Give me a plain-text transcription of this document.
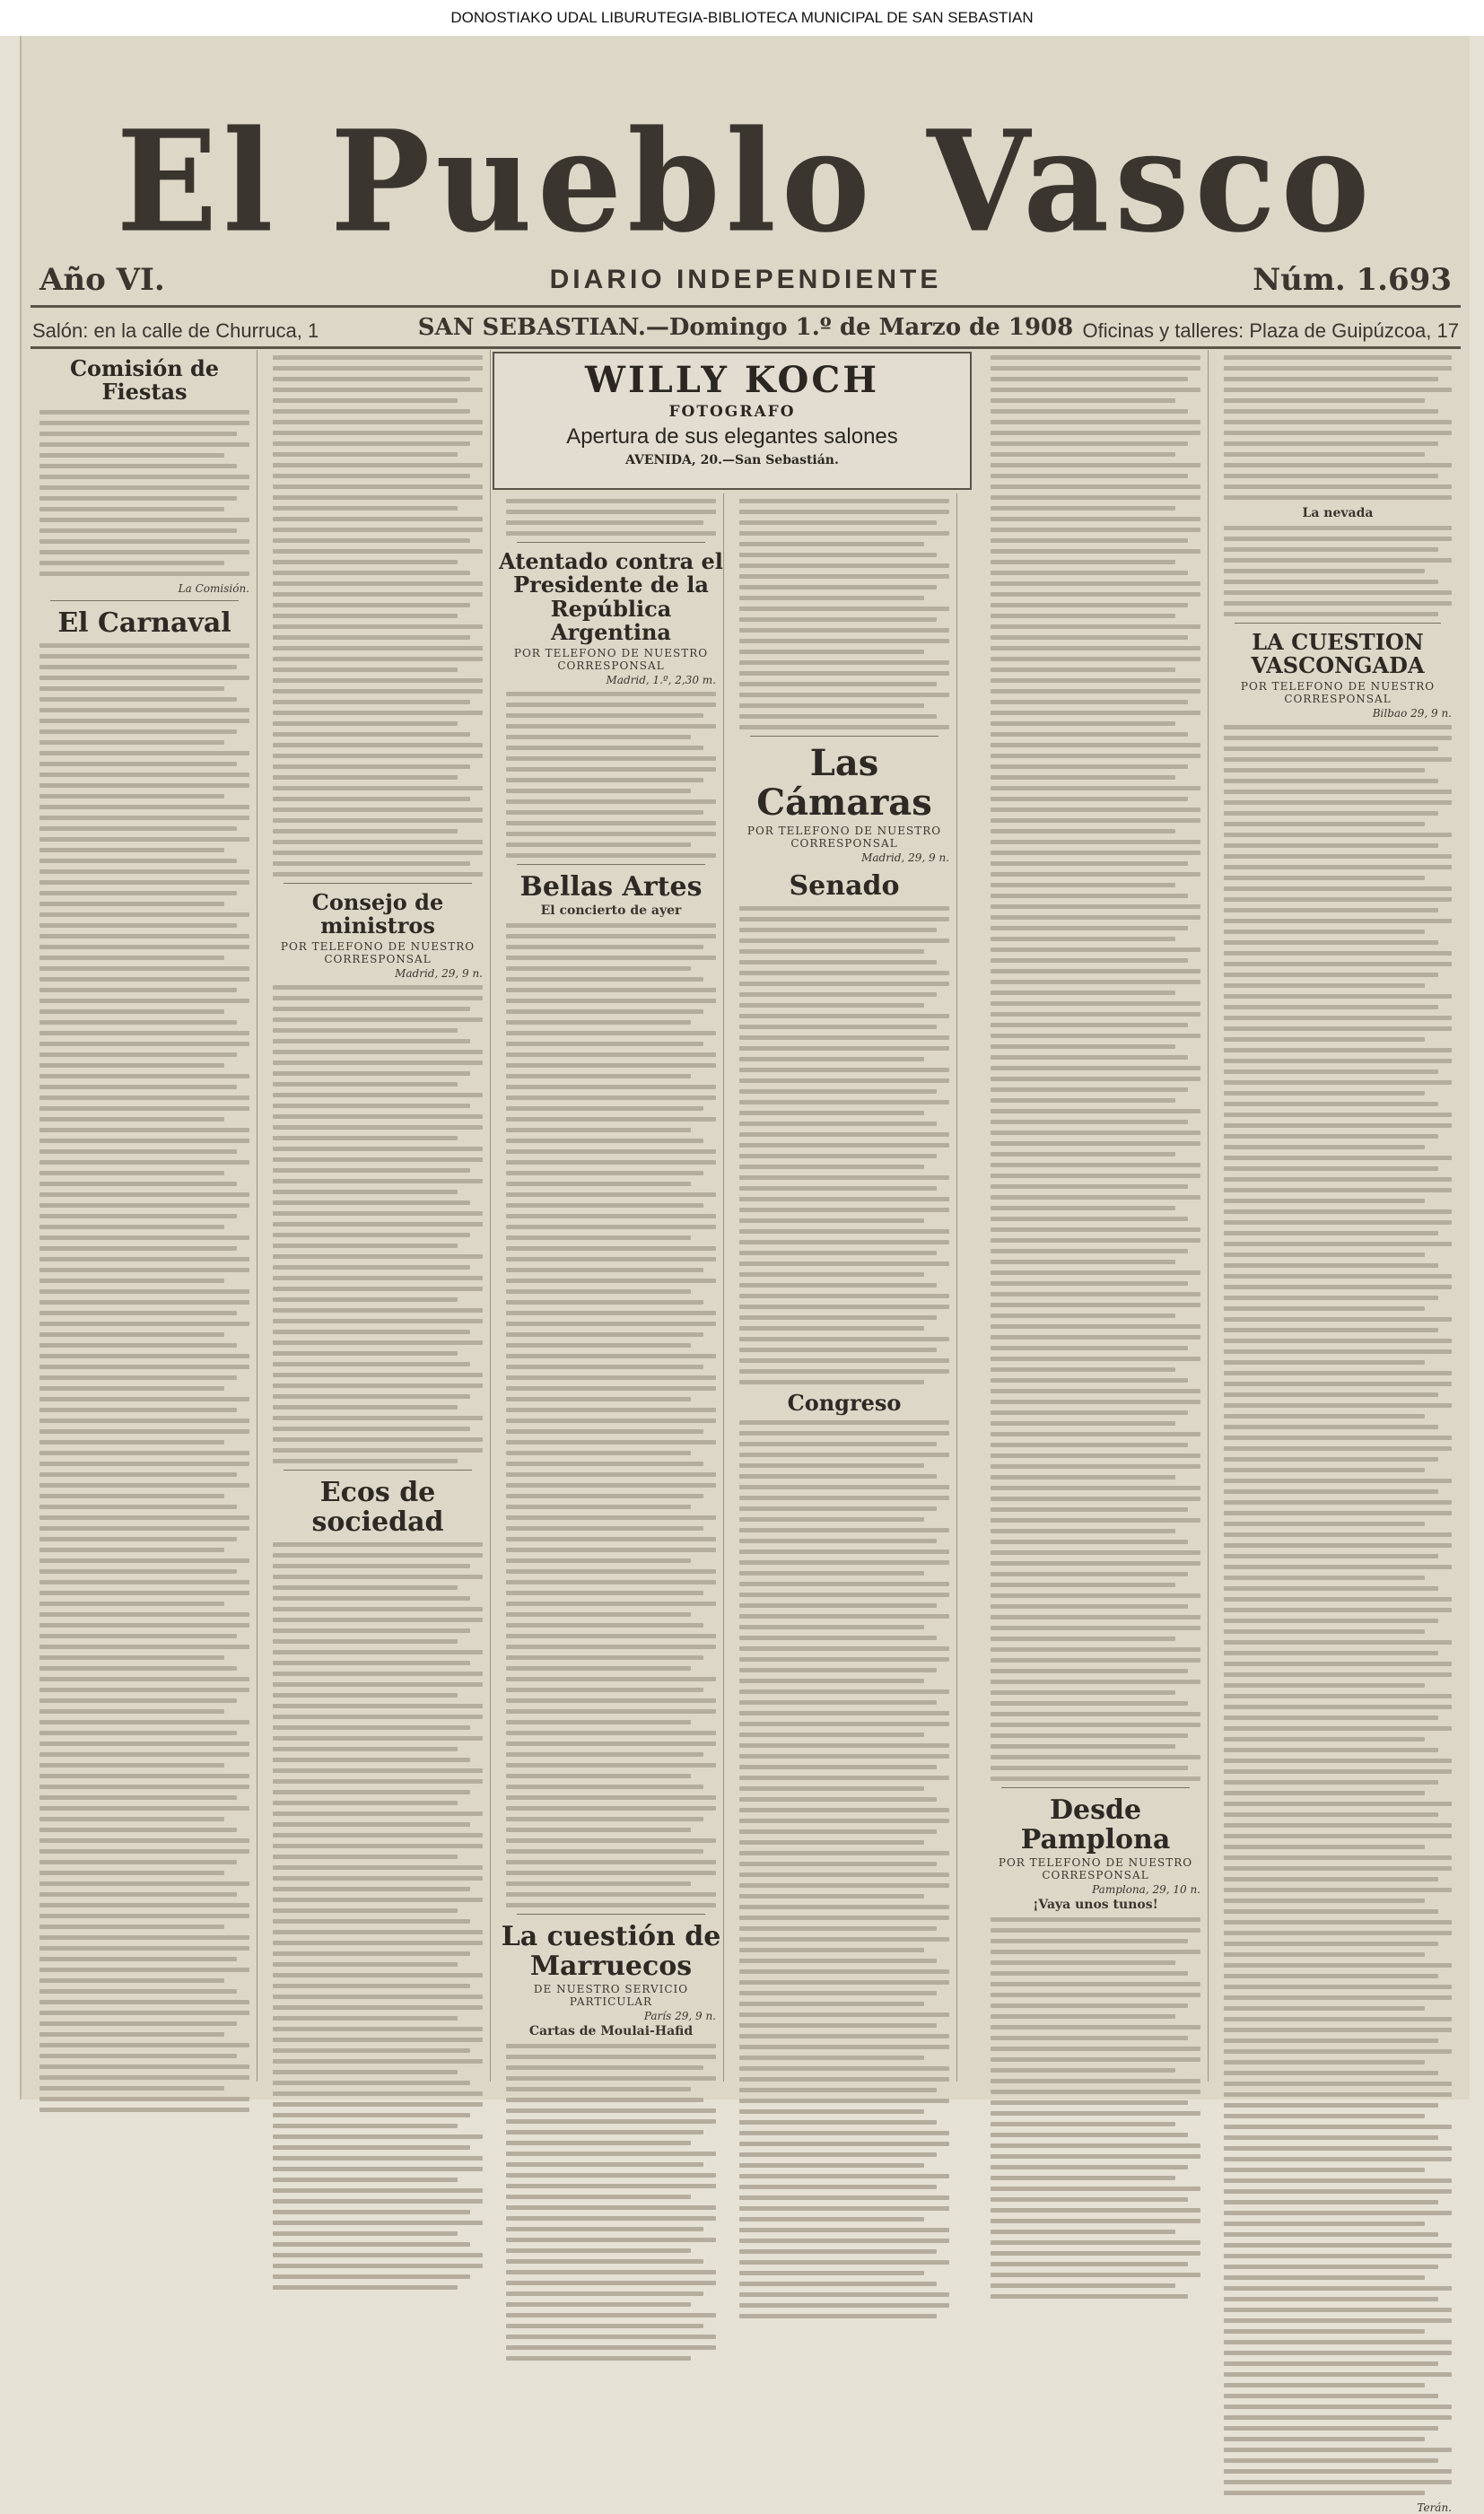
DONOSTIAKO UDAL LIBURUTEGIA-BIBLIOTECA MUNICIPAL DE SAN SEBASTIAN
El Pueblo Vasco
Año VI.	DIARIO INDEPENDIENTE	Núm. 1.693
Salón: en la calle de Churruca, 1	SAN SEBASTIAN.—Domingo 1.º de Marzo de 1908 Oficinas y talleres: Plaza de Guipúzcoa, 17
Comisión de Fiestas
La Comisión.
El Carnaval
Consejo de ministros
POR TELEFONO DE NUESTRO CORRESPONSAL
Madrid, 29, 9 n.
Ecos de sociedad
WILLY KOCH
FOTOGRAFO
Apertura de sus elegantes salones
AVENIDA, 20.—San Sebastián.
Atentado contra el Presidente de la República Argentina
POR TELEFONO DE NUESTRO CORRESPONSAL
Madrid, 1.º, 2,30 m.
Bellas Artes
El concierto de ayer
La cuestión de Marruecos
DE NUESTRO SERVICIO PARTICULAR
París 29, 9 n.
Cartas de Moulai-Hafid
Las Cámaras
POR TELEFONO DE NUESTRO CORRESPONSAL
Madrid, 29, 9 n.
Senado
Congreso
Desde Pamplona
POR TELEFONO DE NUESTRO CORRESPONSAL
Pamplona, 29, 10 n.
¡Vaya unos tunos!
La nevada
LA CUESTION VASCONGADA
POR TELEFONO DE NUESTRO CORRESPONSAL
Bilbao 29, 9 n.
Terán.
